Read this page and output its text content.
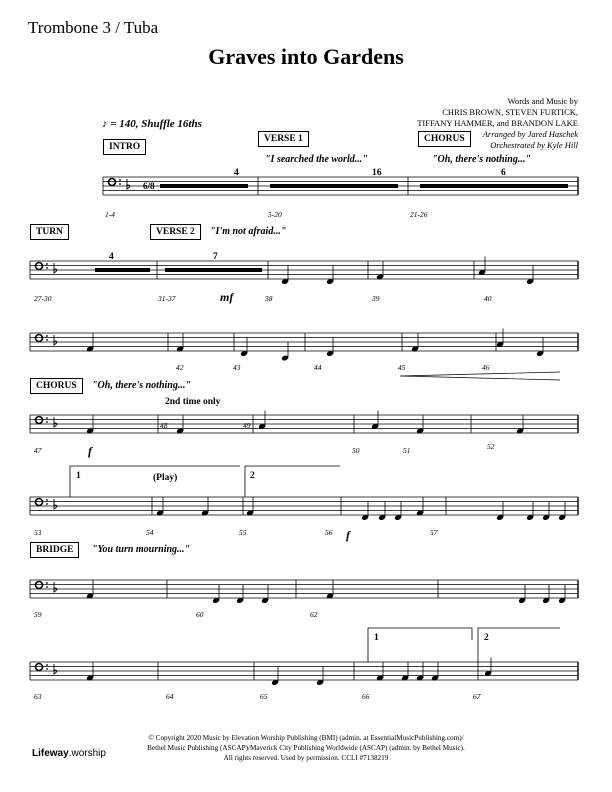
Trombone 3 / Tuba
Graves into Gardens
Words and Music by
CHRIS BROWN, STEVEN FURTICK,
TIFFANY HAMMER, and BRANDON LAKE
Arranged by Jared Haschek
Orchestrated by Kyle Hill
♪ = 140, Shuffle 16ths
INTRO
VERSE 1
"I searched the world..."
CHORUS
"Oh, there's nothing..."
TURN	VERSE 2	"I'm not afraid..."
CHORUS	"Oh, there's nothing..."
BRIDGE	"You turn mourning..."
6/8
2nd time only
(Play)
mf
f
f
1	2
1	2
4	16	6
4	7
1-4	5-20	21-26
27-30	31-37	38	39	40
42	43	44	45	46
47
48	49
50	51	52
53	54	55	56	57
59	60	62
63	64	65	66	67
© Copyright 2020 Music by Elevation Worship Publishing (BMI) (admin. at EssentialMusicPublishing.com)/
Bethel Music Publishing (ASCAP)/Maverick City Publishing Worldwide (ASCAP) (admin. by Bethel Music).
All rights reserved. Used by permission. CCLI #7138219
Lifeway.worship
